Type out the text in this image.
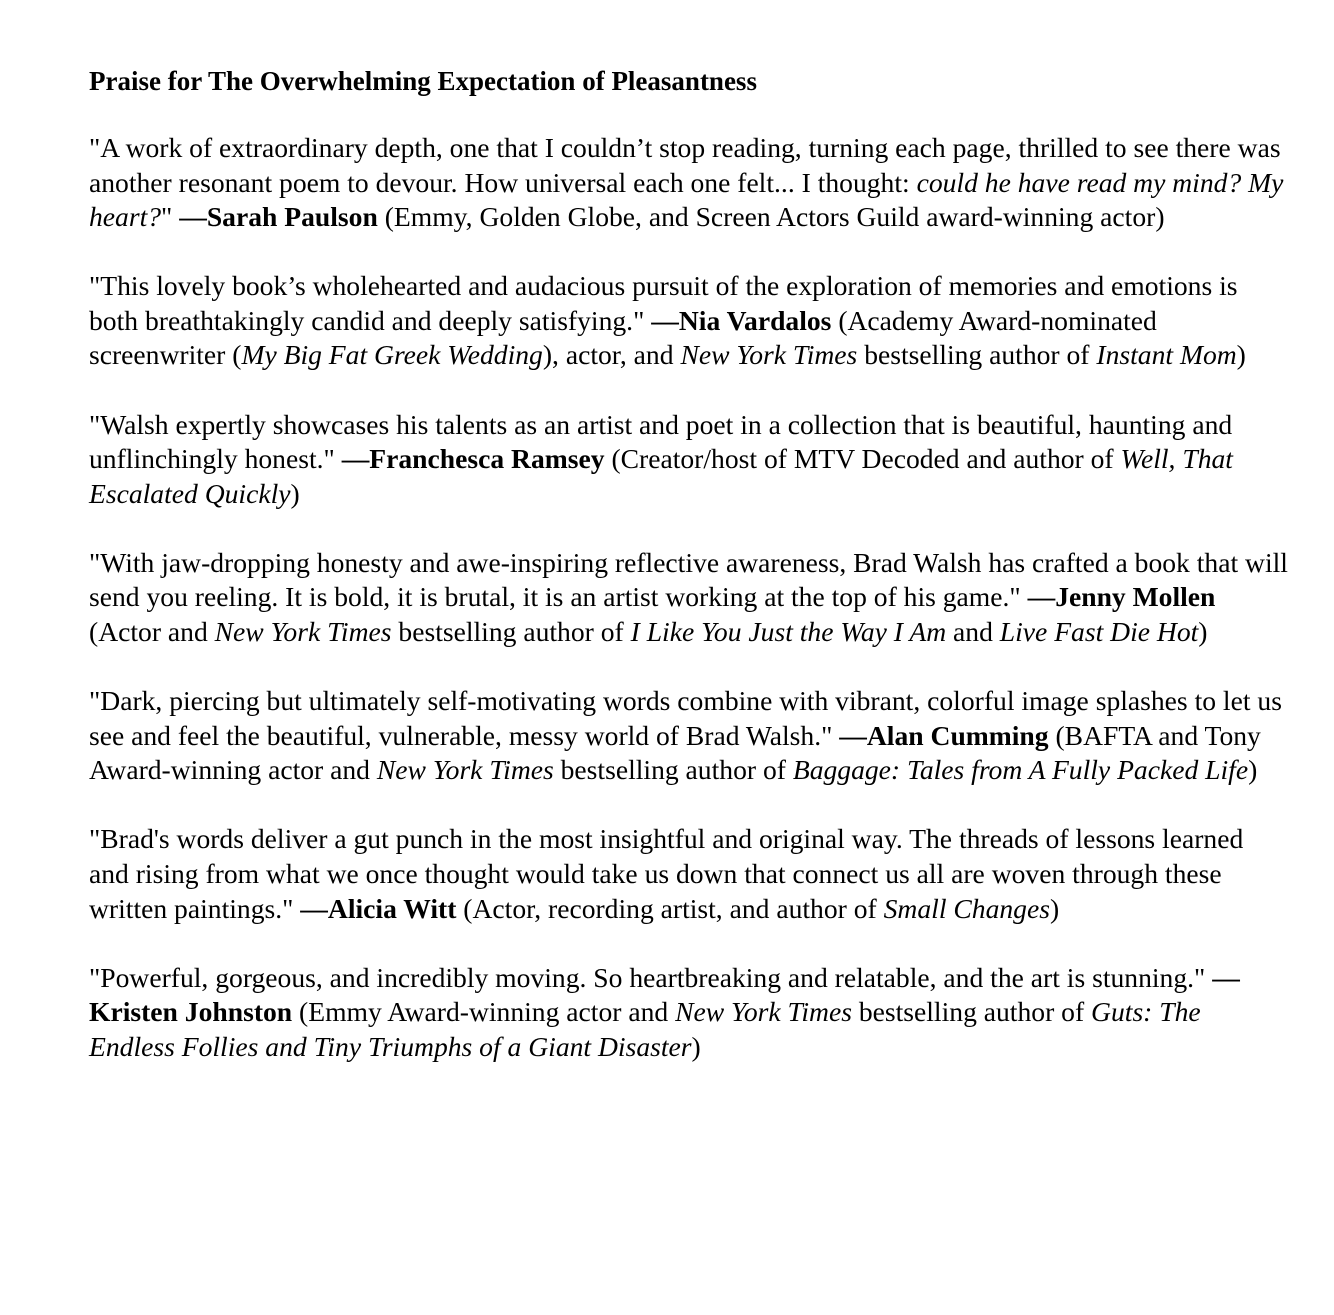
Praise for The Overwhelming Expectation of Pleasantness
"A work of extraordinary depth, one that I couldn’t stop reading, turning each page, thrilled to see there was another resonant poem to devour. How universal each one felt... I thought: could he have read my mind? My heart?" —Sarah Paulson (Emmy, Golden Globe, and Screen Actors Guild award-winning actor)
"This lovely book’s wholehearted and audacious pursuit of the exploration of memories and emotions is both breathtakingly candid and deeply satisfying." —Nia Vardalos (Academy Award-nominated screenwriter (My Big Fat Greek Wedding), actor, and New York Times bestselling author of Instant Mom)
"Walsh expertly showcases his talents as an artist and poet in a collection that is beautiful, haunting and unflinchingly honest." —Franchesca Ramsey (Creator/host of MTV Decoded and author of Well, That Escalated Quickly)
"With jaw-dropping honesty and awe-inspiring reflective awareness, Brad Walsh has crafted a book that will send you reeling. It is bold, it is brutal, it is an artist working at the top of his game." —Jenny Mollen (Actor and New York Times bestselling author of I Like You Just the Way I Am and Live Fast Die Hot)
"Dark, piercing but ultimately self-motivating words combine with vibrant, colorful image splashes to let us see and feel the beautiful, vulnerable, messy world of Brad Walsh." —Alan Cumming (BAFTA and Tony Award-winning actor and New York Times bestselling author of Baggage: Tales from A Fully Packed Life)
"Brad's words deliver a gut punch in the most insightful and original way. The threads of lessons learned and rising from what we once thought would take us down that connect us all are woven through these written paintings." —Alicia Witt (Actor, recording artist, and author of Small Changes)
"Powerful, gorgeous, and incredibly moving. So heartbreaking and relatable, and the art is stunning." —Kristen Johnston (Emmy Award-winning actor and New York Times bestselling author of Guts: The Endless Follies and Tiny Triumphs of a Giant Disaster)
